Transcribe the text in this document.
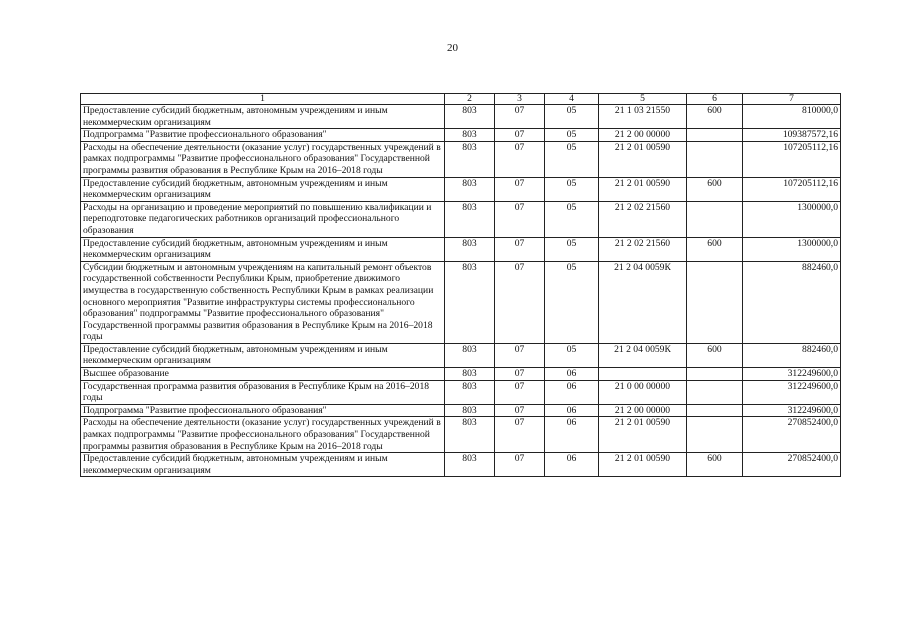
20
1	2	3	4	5	6	7
Предоставление субсидий бюджетным, автономным учреждениям и иным некоммерческим организациям	803	07	05	21 1 03 21550	600	810000,0
Подпрограмма "Развитие профессионального образования"	803	07	05	21 2 00 00000		109387572,16
Расходы на обеспечение деятельности (оказание услуг) государственных учреждений в рамках подпрограммы "Развитие профессионального образования" Государственной программы развития образования в Республике Крым на 2016–2018 годы	803	07	05	21 2 01 00590		107205112,16
Предоставление субсидий бюджетным, автономным учреждениям и иным некоммерческим организациям	803	07	05	21 2 01 00590	600	107205112,16
Расходы на организацию и проведение мероприятий по повышению квалификации и переподготовке педагогических работников организаций профессионального образования	803	07	05	21 2 02 21560		1300000,0
Предоставление субсидий бюджетным, автономным учреждениям и иным некоммерческим организациям	803	07	05	21 2 02 21560	600	1300000,0
Субсидии бюджетным и автономным учреждениям на капитальный ремонт объектов государственной собственности Республики Крым, приобретение движимого имущества в государственную собственность Республики Крым в рамках реализации основного мероприятия "Развитие инфраструктуры системы профессионального образования" подпрограммы "Развитие профессионального образования" Государственной программы развития образования в Республике Крым на 2016–2018 годы	803	07	05	21 2 04 0059К		882460,0
Предоставление субсидий бюджетным, автономным учреждениям и иным некоммерческим организациям	803	07	05	21 2 04 0059К	600	882460,0
Высшее образование	803	07	06			312249600,0
Государственная программа развития образования в Республике Крым на 2016–2018 годы	803	07	06	21 0 00 00000		312249600,0
Подпрограмма "Развитие профессионального образования"	803	07	06	21 2 00 00000		312249600,0
Расходы на обеспечение деятельности (оказание услуг) государственных учреждений в рамках подпрограммы "Развитие профессионального образования" Государственной программы развития образования в Республике Крым на 2016–2018 годы	803	07	06	21 2 01 00590		270852400,0
Предоставление субсидий бюджетным, автономным учреждениям и иным некоммерческим организациям	803	07	06	21 2 01 00590	600	270852400,0
